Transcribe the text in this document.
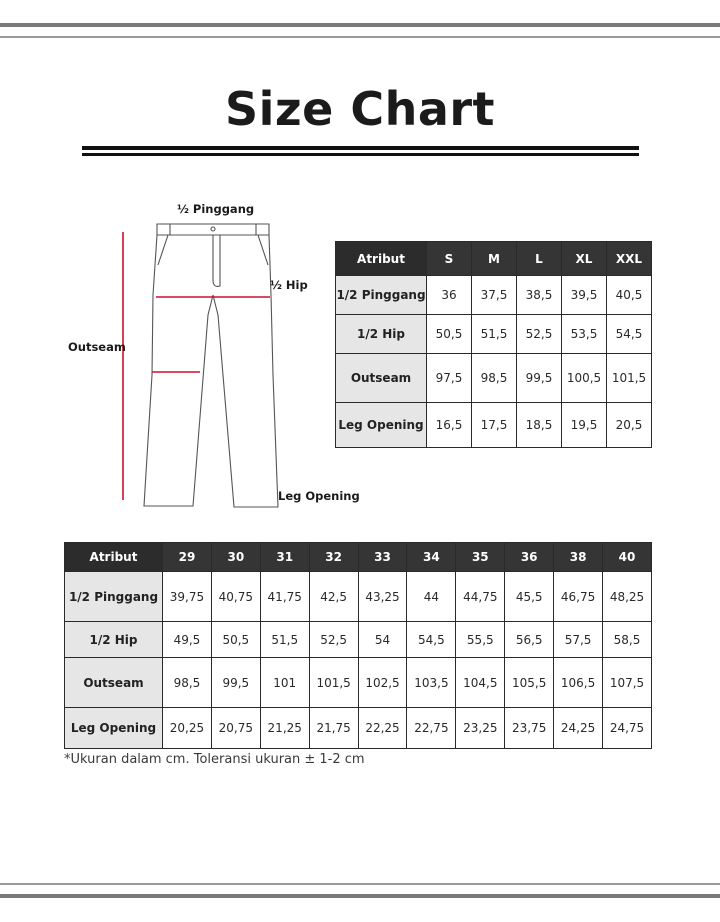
Size Chart
½ Pinggang
½ Hip
Outseam
Leg Opening
Atribut	S	M	L	XL	XXL
1/2 Pinggang	36	37,5	38,5	39,5	40,5
1/2 Hip	50,5	51,5	52,5	53,5	54,5
Outseam	97,5	98,5	99,5	100,5	101,5
Leg Opening	16,5	17,5	18,5	19,5	20,5
Atribut	29	30	31	32	33	34	35	36	38	40
1/2 Pinggang	39,75	40,75	41,75	42,5	43,25	44	44,75	45,5	46,75	48,25
1/2 Hip	49,5	50,5	51,5	52,5	54	54,5	55,5	56,5	57,5	58,5
Outseam	98,5	99,5	101	101,5	102,5	103,5	104,5	105,5	106,5	107,5
Leg Opening	20,25	20,75	21,25	21,75	22,25	22,75	23,25	23,75	24,25	24,75
*Ukuran dalam cm. Toleransi ukuran ± 1-2 cm
